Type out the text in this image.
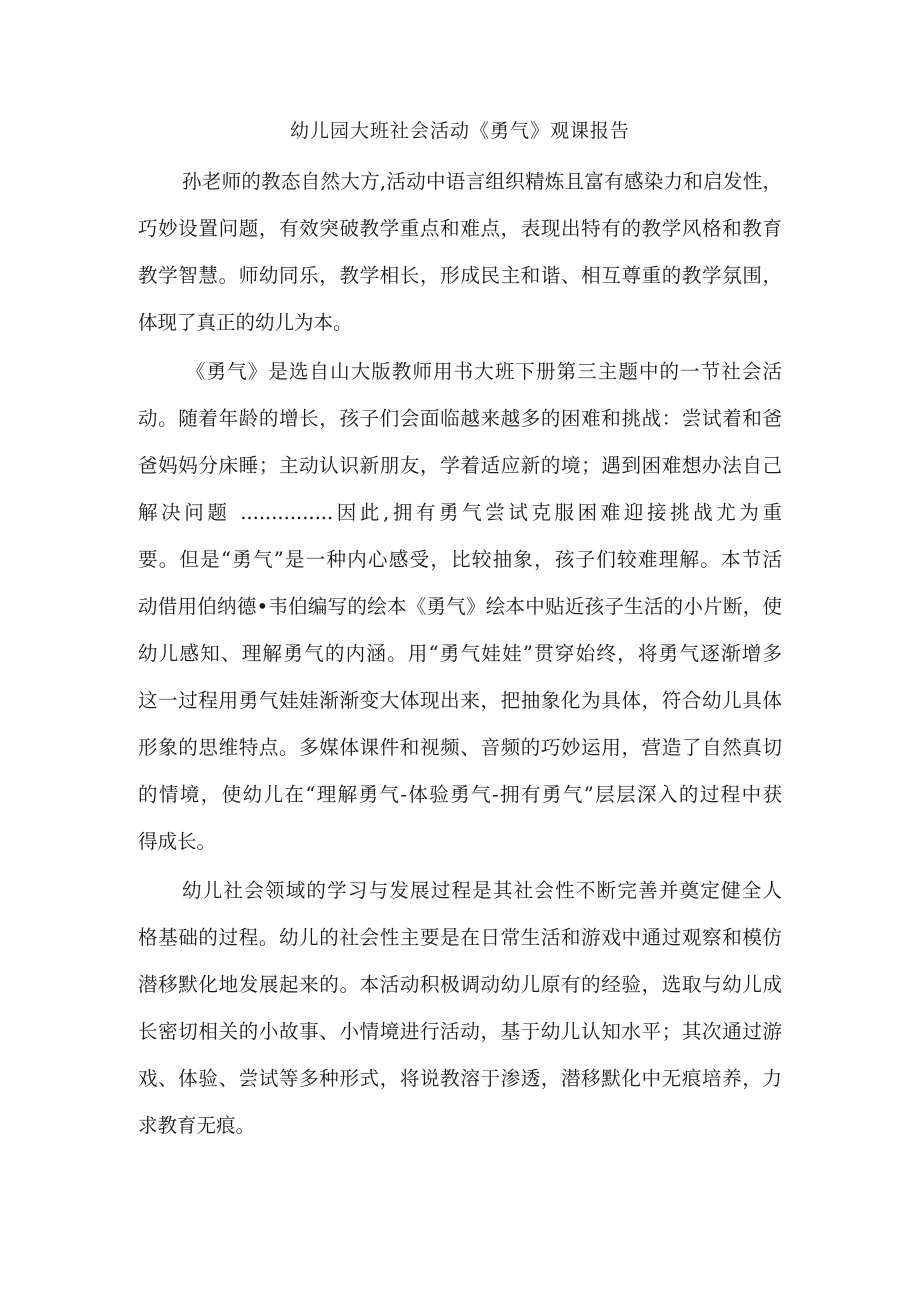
幼儿园大班社会活动《勇气》观课报告
孙老师的教态自然大方,活动中语言组织精炼且富有感染力和启发性，
巧妙设置问题，有效突破教学重点和难点，表现出特有的教学风格和教育
教学智慧。师幼同乐，教学相长，形成民主和谐、相互尊重的教学氛围，
体现了真正的幼儿为本。
《勇气》是选自山大版教师用书大班下册第三主题中的一节社会活
动。随着年龄的增长，孩子们会面临越来越多的困难和挑战：尝试着和爸
爸妈妈分床睡；主动认识新朋友，学着适应新的境；遇到困难想办法自己
解决问题 ...............因此,拥有勇气尝试克服困难迎接挑战尤为重
要。但是“勇气”是一种内心感受，比较抽象，孩子们较难理解。本节活
动借用伯纳德•韦伯编写的绘本《勇气》绘本中贴近孩子生活的小片断，使
幼儿感知、理解勇气的内涵。用“勇气娃娃”贯穿始终，将勇气逐渐增多
这一过程用勇气娃娃渐渐变大体现出来，把抽象化为具体，符合幼儿具体
形象的思维特点。多媒体课件和视频、音频的巧妙运用，营造了自然真切
的情境，使幼儿在“理解勇气-体验勇气-拥有勇气”层层深入的过程中获
得成长。
幼儿社会领域的学习与发展过程是其社会性不断完善并奠定健全人
格基础的过程。幼儿的社会性主要是在日常生活和游戏中通过观察和模仿
潜移默化地发展起来的。本活动积极调动幼儿原有的经验，选取与幼儿成
长密切相关的小故事、小情境进行活动，基于幼儿认知水平；其次通过游
戏、体验、尝试等多种形式，将说教溶于渗透，潜移默化中无痕培养，力
求教育无痕。
